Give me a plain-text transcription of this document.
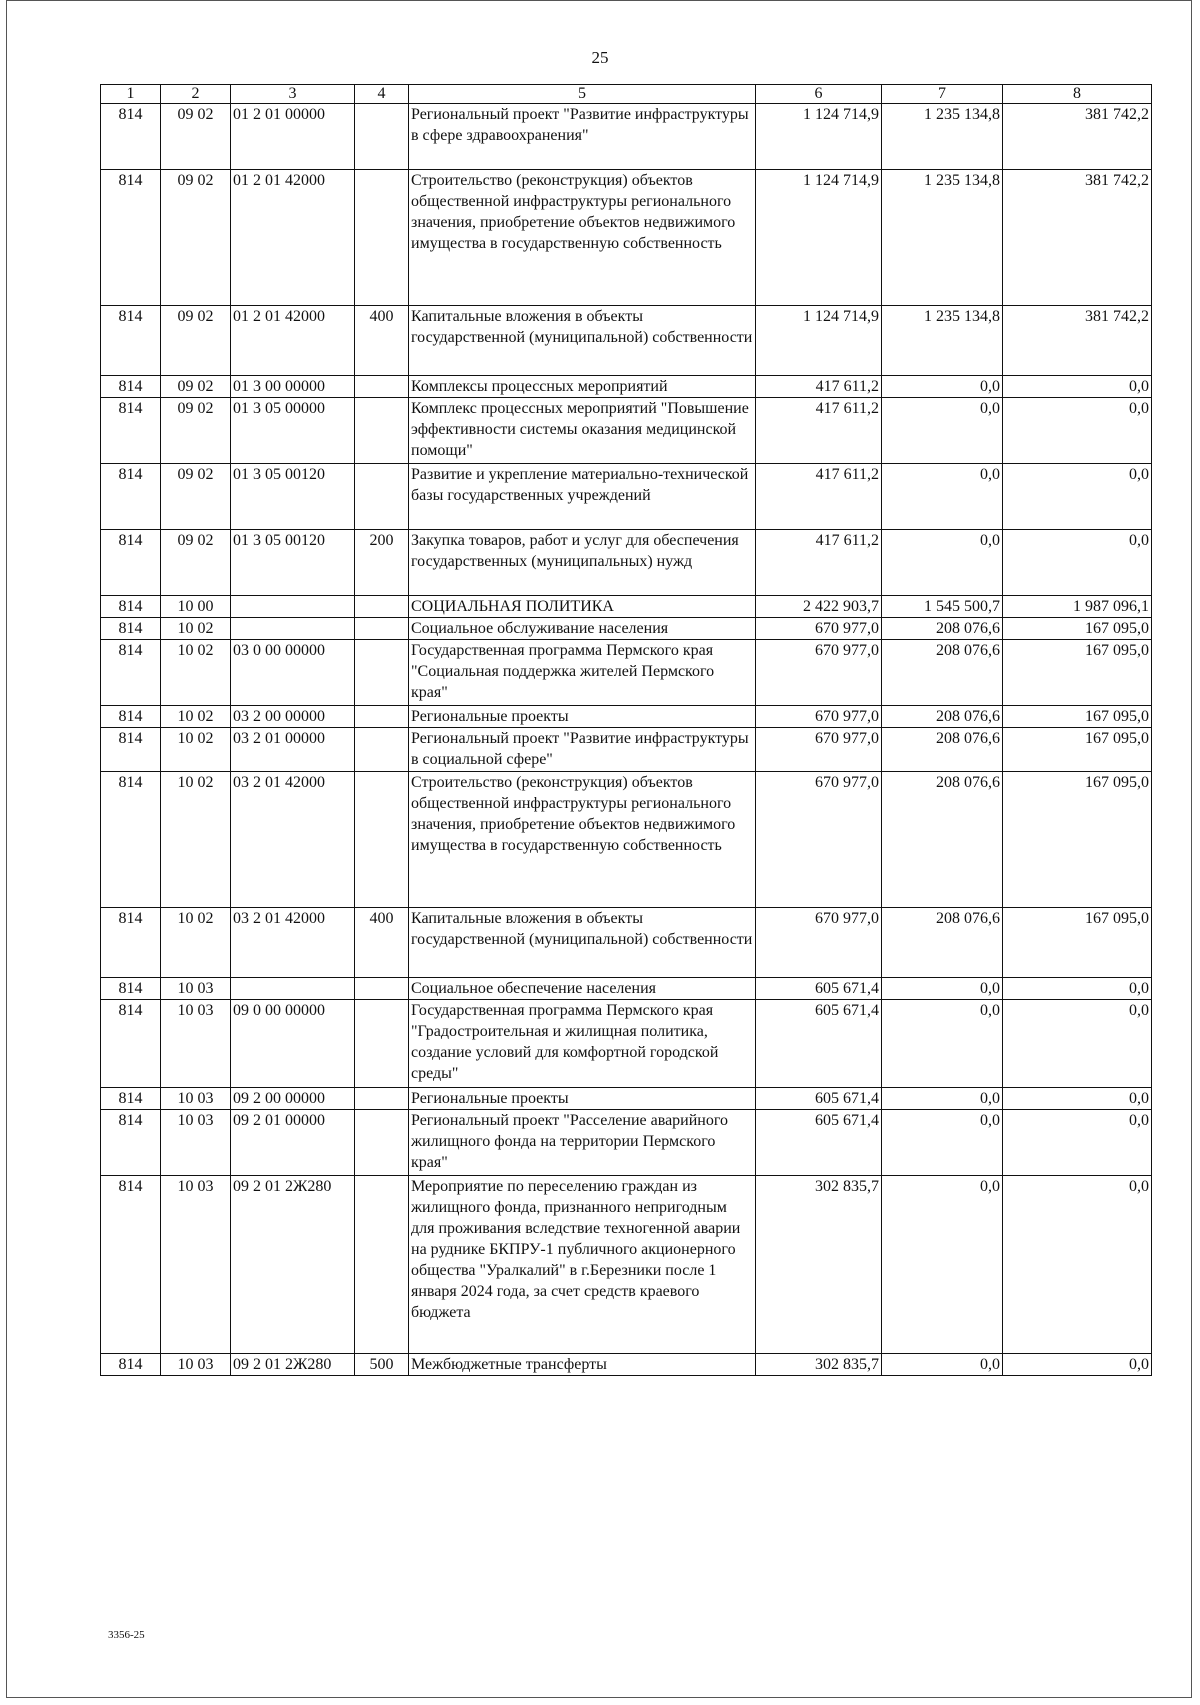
25
1	2	3	4	5	6	7	8
814	09 02	01 2 01 00000		Региональный проект "Развитие инфраструктуры в сфере здравоохранения"	1 124 714,9	1 235 134,8	381 742,2
814	09 02	01 2 01 42000		Строительство (реконструкция) объектов общественной инфраструктуры регионального значения, приобретение объектов недвижимого имущества в государственную собственность	1 124 714,9	1 235 134,8	381 742,2
814	09 02	01 2 01 42000	400	Капитальные вложения в объекты государственной (муниципальной) собственности	1 124 714,9	1 235 134,8	381 742,2
814	09 02	01 3 00 00000		Комплексы процессных мероприятий	417 611,2	0,0	0,0
814	09 02	01 3 05 00000		Комплекс процессных мероприятий "Повышение эффективности системы оказания медицинской помощи"	417 611,2	0,0	0,0
814	09 02	01 3 05 00120		Развитие и укрепление материально-технической базы государственных учреждений	417 611,2	0,0	0,0
814	09 02	01 3 05 00120	200	Закупка товаров, работ и услуг для обеспечения государственных (муниципальных) нужд	417 611,2	0,0	0,0
814	10 00			СОЦИАЛЬНАЯ ПОЛИТИКА	2 422 903,7	1 545 500,7	1 987 096,1
814	10 02			Социальное обслуживание населения	670 977,0	208 076,6	167 095,0
814	10 02	03 0 00 00000		Государственная программа Пермского края "Социальная поддержка жителей Пермского края"	670 977,0	208 076,6	167 095,0
814	10 02	03 2 00 00000		Региональные проекты	670 977,0	208 076,6	167 095,0
814	10 02	03 2 01 00000		Региональный проект "Развитие инфраструктуры в социальной сфере"	670 977,0	208 076,6	167 095,0
814	10 02	03 2 01 42000		Строительство (реконструкция) объектов общественной инфраструктуры регионального значения, приобретение объектов недвижимого имущества в государственную собственность	670 977,0	208 076,6	167 095,0
814	10 02	03 2 01 42000	400	Капитальные вложения в объекты государственной (муниципальной) собственности	670 977,0	208 076,6	167 095,0
814	10 03			Социальное обеспечение населения	605 671,4	0,0	0,0
814	10 03	09 0 00 00000		Государственная программа Пермского края "Градостроительная и жилищная политика, создание условий для комфортной городской среды"	605 671,4	0,0	0,0
814	10 03	09 2 00 00000		Региональные проекты	605 671,4	0,0	0,0
814	10 03	09 2 01 00000		Региональный проект "Расселение аварийного жилищного фонда на территории Пермского края"	605 671,4	0,0	0,0
814	10 03	09 2 01 2Ж280		Мероприятие по переселению граждан из жилищного фонда, признанного непригодным для проживания вследствие техногенной аварии на руднике БКПРУ-1 публичного акционерного общества "Уралкалий" в г.Березники после 1 января 2024 года, за счет средств краевого бюджета	302 835,7	0,0	0,0
814	10 03	09 2 01 2Ж280	500	Межбюджетные трансферты	302 835,7	0,0	0,0
3356-25
